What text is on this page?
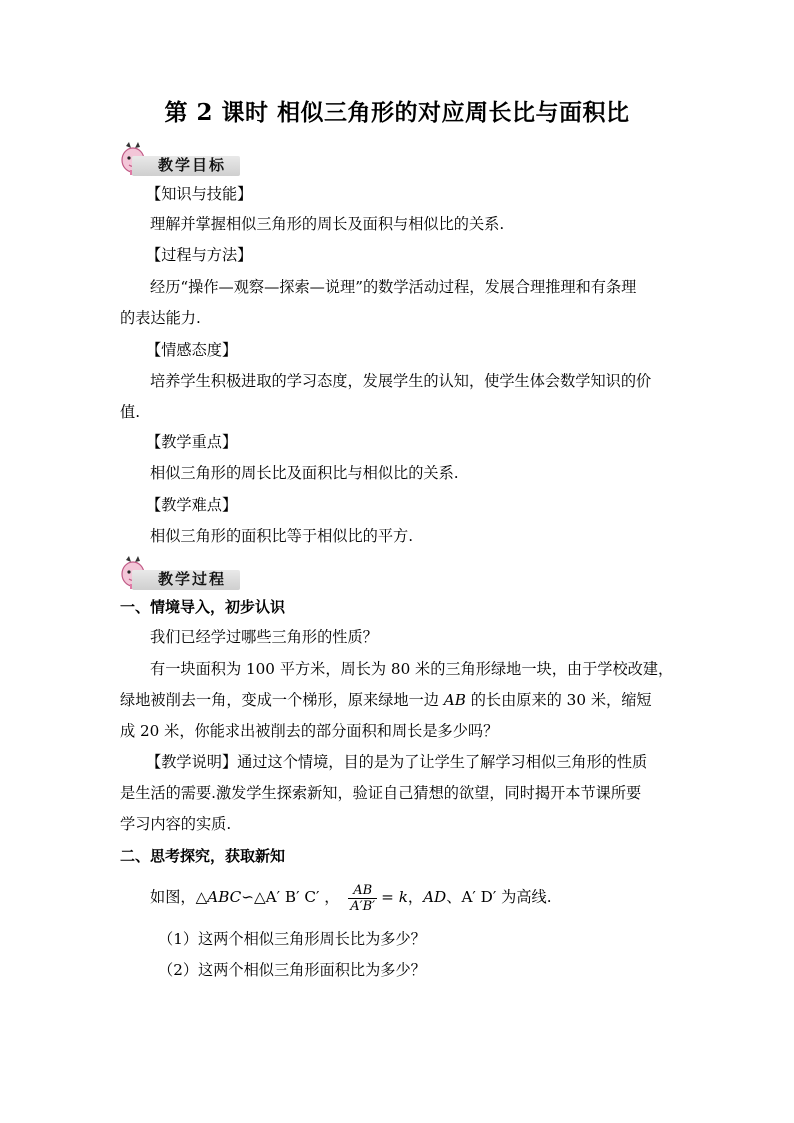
第 2 课时 相似三角形的对应周长比与面积比
教学目标
【知识与技能】
理解并掌握相似三角形的周长及面积与相似比的关系.
【过程与方法】
经历“操作—观察—探索—说理”的数学活动过程，发展合理推理和有条理
的表达能力.
【情感态度】
培养学生积极进取的学习态度，发展学生的认知，使学生体会数学知识的价
值.
【教学重点】
相似三角形的周长比及面积比与相似比的关系.
【教学难点】
相似三角形的面积比等于相似比的平方.
教学过程
一、情境导入，初步认识
我们已经学过哪些三角形的性质？
有一块面积为 100 平方米，周长为 80 米的三角形绿地一块，由于学校改建，
绿地被削去一角，变成一个梯形，原来绿地一边 AB 的长由原来的 30 米，缩短
成 20 米，你能求出被削去的部分面积和周长是多少吗？
【教学说明】通过这个情境，目的是为了让学生了解学习相似三角形的性质
是生活的需要.激发学生探索新知，验证自己猜想的欲望，同时揭开本节课所要
学习内容的实质.
二、思考探究，获取新知
如图，△ABC∽△A′ B′ C′ ， $\frac{AB}{A'B'} = k$，AD、A′ D′ 为高线.
（1）这两个相似三角形周长比为多少？
（2）这两个相似三角形面积比为多少？
